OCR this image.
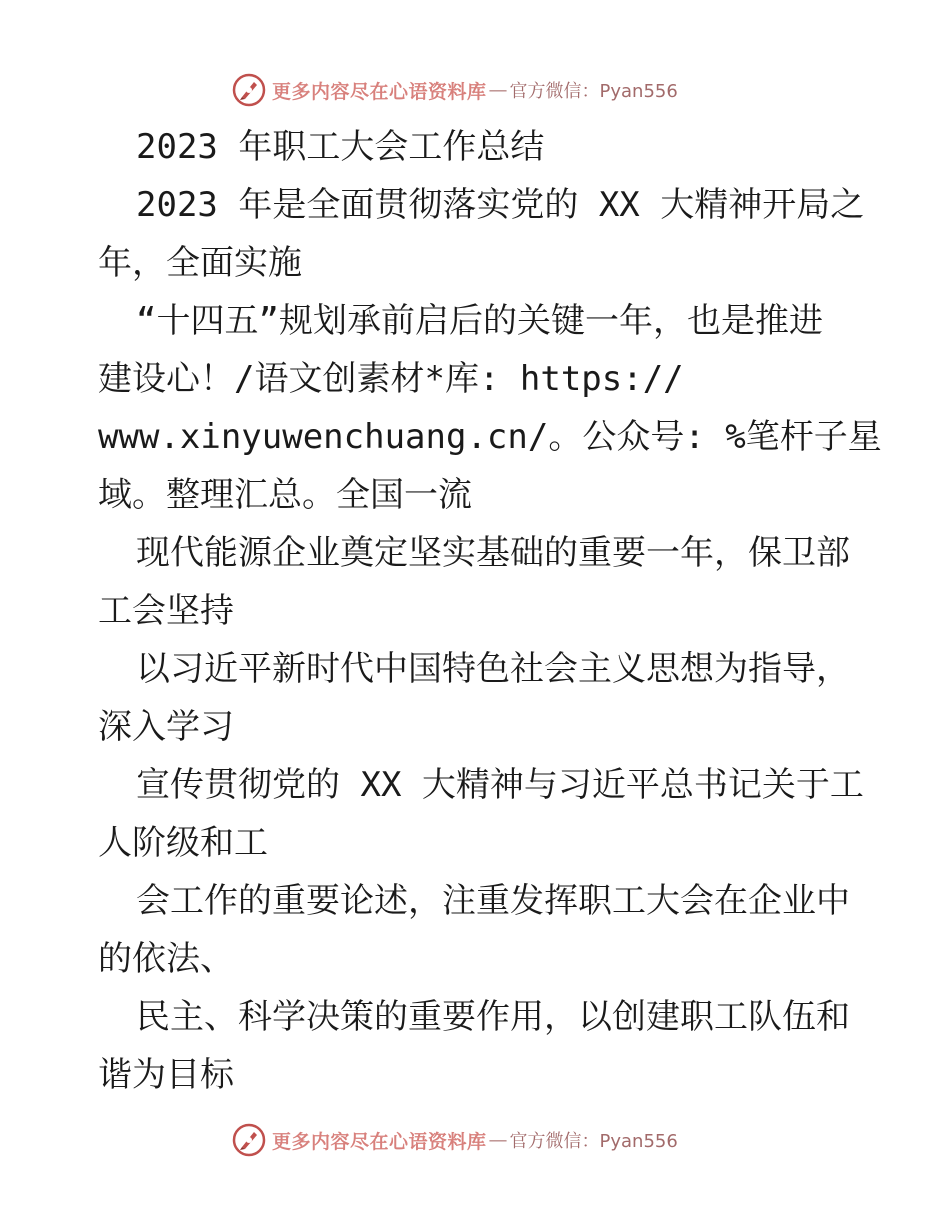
更多内容尽在心语资料库 — 官方微信：Pyan556
2023 年职工大会工作总结
2023 年是全面贯彻落实党的 XX 大精神开局之
年，全面实施
“十四五”规划承前启后的关键一年，也是推进
建设心！/语文创素材*库: https://
www.xinyuwenchuang.cn/。公众号: %笔杆子星
域。整理汇总。全国一流
现代能源企业奠定坚实基础的重要一年，保卫部
工会坚持
以习近平新时代中国特色社会主义思想为指导，
深入学习
宣传贯彻党的 XX 大精神与习近平总书记关于工
人阶级和工
会工作的重要论述，注重发挥职工大会在企业中
的依法、
民主、科学决策的重要作用，以创建职工队伍和
谐为目标
更多内容尽在心语资料库 — 官方微信：Pyan556
